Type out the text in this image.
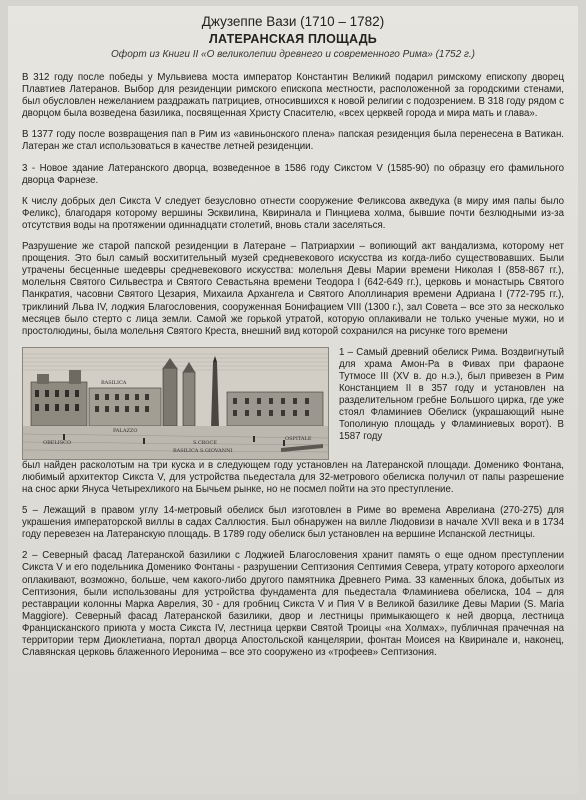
Джузеппе Вази (1710 – 1782)
ЛАТЕРАНСКАЯ ПЛОЩАДЬ
Офорт из Книги II «О великолепии древнего и современного Рима» (1752 г.)

В 312 году после победы у Мульвиева моста император Константин Великий подарил римскому епископу дворец Плавтиев Латеранов. Выбор для резиденции римского епископа местности, расположенной за городскими стенами, был обусловлен нежеланием раздражать патрициев, относившихся к новой религии с подозрением. В 318 году рядом с дворцом была возведена базилика, посвященная Христу Спасителю, «всех церквей города и мира мать и глава».

В 1377 году после возвращения пап в Рим из «авиньонского плена» папская резиденция была перенесена в Ватикан. Латеран же стал использоваться в качестве летней резиденции.

3 - Новое здание Латеранского дворца, возведенное в 1586 году Сикстом V (1585-90) по образцу его фамильного дворца Фарнезе.

К числу добрых дел Сикста V следует безусловно отнести сооружение Феликсова акведука (в миру имя папы было Феликс), благодаря которому вершины Эсквилина, Квиринала и Пинциева холма, бывшие почти безлюдными из-за отсутствия воды на протяжении одиннадцати столетий, вновь стали заселяться.

Разрушение же старой папской резиденции в Латеране – Патриархии – вопиющий акт вандализма, которому нет прощения. Это был самый восхитительный музей средневекового искусства из когда-либо существовавших. Были утрачены бесценные шедевры средневекового искусства: молельня Девы Марии времени Николая I (858-867 гг.), молельня Святого Сильвестра и Святого Севастьяна времени Теодора I (642-649 гг.), церковь и монастырь Святого Панкратия, часовни Святого Цезария, Михаила Архангела и Святого Аполлинария времени Адриана I (772-795 гг.), триклиний Льва IV, лоджия Благословения, сооруженная Бонифацием VIII (1300 г.), зал Совета – все это за несколько месяцев было стерто с лица земли. Самой же горькой утратой, которую оплакивали не только ученые мужи, но и простолюдины, была молельня Святого Креста, внешний вид которой сохранился на рисунке того времени

OBELISCO
BASILICA
PALAZZO
OSPITALE
S.CROCE
BASILICA S.GIOVANNI
1 – Самый древний обелиск Рима. Воздвигнутый для храма Амон-Ра в Фивах при фараоне Тутмосе III (XV в. до н.э.), был привезен в Рим Констанцием II в 357 году и установлен на разделительном гребне Большого цирка, где уже стоял Фламиниев Обелиск (украшающий ныне Тополиную площадь у Фламиниевых ворот). В 1587 году

был найден расколотым на три куска и в следующем году установлен на Латеранской площади. Доменико Фонтана, любимый архитектор Сикста V, для устройства пьедестала для 32-метрового обелиска получил от папы разрешение на снос арки Януса Четырехликого на Бычьем рынке, но не посмел пойти на это преступление.

5 – Лежащий в правом углу 14-метровый обелиск был изготовлен в Риме во времена Аврелиана (270-275) для украшения императорской виллы в садах Саллюстия. Был обнаружен на вилле Людовизи в начале XVII века и в 1734 году перевезен на Латеранскую площадь. В 1789 году обелиск был установлен на вершине Испанской лестницы.

2 – Северный фасад Латеранской базилики с Лоджией Благословения хранит память о еще одном преступлении Сикста V и его подельника Доменико Фонтаны - разрушении Септизония Септимия Севера, утрату которого археологи оплакивают, возможно, больше, чем какого-либо другого памятника Древнего Рима. 33 каменных блока, добытых из Септизония, были использованы для устройства фундамента для пьедестала Фламиниева обелиска, 104 – для реставрации колонны Марка Аврелия, 30 - для гробниц Сикста V и Пия V в Великой базилике Девы Марии (S. Maria Maggiore). Северный фасад Латеранской базилики, двор и лестницы примыкающего к ней дворца, лестница Францисканского приюта у моста Сикста IV, лестница церкви Святой Троицы «на Холмах», публичная прачечная на территории терм Диоклетиана, портал дворца Апостольской канцелярии, фонтан Моисея на Квиринале и, наконец, Славянская церковь блаженного Иеронима – все это сооружено из «трофеев» Септизония.
